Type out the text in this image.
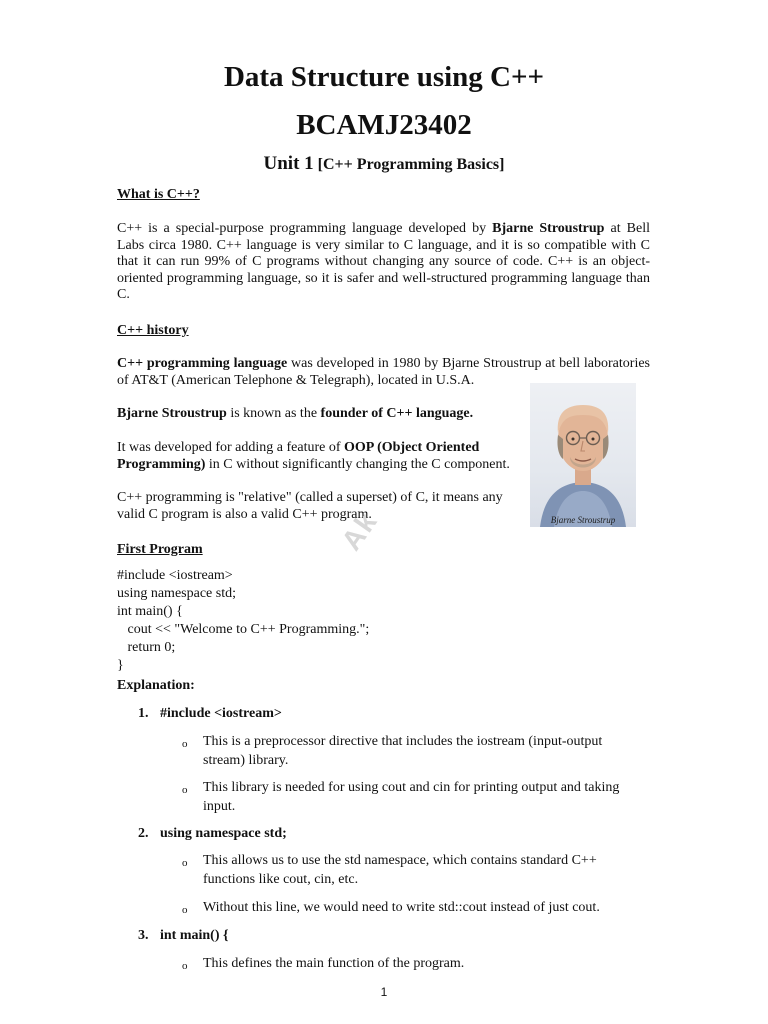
Data Structure using C++
BCAMJ23402
Unit 1 [C++ Programming Basics]
What is C++?

C++ is a special-purpose programming language developed by Bjarne Stroustrup at Bell Labs circa 1980. C++ language is very similar to C language, and it is so compatible with C that it can run 99% of C programs without changing any source of code. C++ is an object-oriented programming language, so it is safer and well-structured programming language than C.

C++ history

C++ programming language was developed in 1980 by Bjarne Stroustrup at bell laboratories of AT&T (American Telephone & Telegraph), located in U.S.A.

Bjarne Stroustrup is known as the founder of C++ language.

It was developed for adding a feature of OOP (Object Oriented Programming) in C without significantly changing the C component.

C++ programming is "relative" (called a superset) of C, it means any valid C program is also a valid C++ program.	Bjarne Stroustrup
Ak
First Program
#include <iostream>
using namespace std;
int main() {
cout << "Welcome to C++ Programming.";
return 0;
}
Explanation:
1. #include <iostream>
o This is a preprocessor directive that includes the iostream (input-output stream) library.
o This library is needed for using cout and cin for printing output and taking input.
2. using namespace std;
o This allows us to use the std namespace, which contains standard C++ functions like cout, cin, etc.
o Without this line, we would need to write std::cout instead of just cout.
3. int main() {
o This defines the main function of the program.
1
